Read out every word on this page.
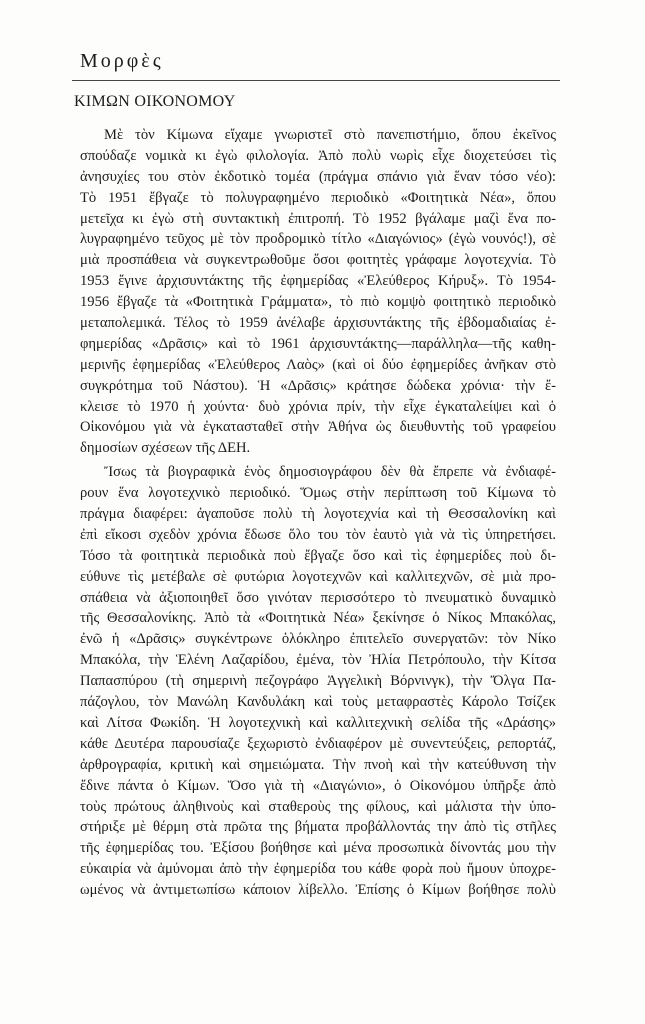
Μορφὲς
ΚΙΜΩΝ ΟΙΚΟΝΟΜΟΥ
Μὲ τὸν Κίμωνα εἴχαμε γνωριστεῖ στὸ πανεπιστήμιο, ὅπου ἐκεῖνος
σπούδαζε νομικὰ κι ἐγὼ φιλολογία. Ἀπὸ πολὺ νωρὶς εἶχε διοχετεύσει τὶς
ἀνησυχίες του στὸν ἐκδοτικὸ τομέα (πράγμα σπάνιο γιὰ ἕναν τόσο νέο):
Τὸ 1951 ἔβγαζε τὸ πολυγραφημένο περιοδικὸ «Φοιτητικὰ Νέα», ὅπου
μετεῖχα κι ἐγὼ στὴ συντακτικὴ ἐπιτροπή. Τὸ 1952 βγάλαμε μαζὶ ἕνα πο-
λυγραφημένο τεῦχος μὲ τὸν προδρομικὸ τίτλο «Διαγώνιος» (ἐγὼ νουνός!), σὲ
μιὰ προσπάθεια νὰ συγκεντρωθοῦμε ὅσοι φοιτητὲς γράφαμε λογοτεχνία. Τὸ
1953 ἔγινε ἀρχισυντάκτης τῆς ἐφημερίδας «Ἐλεύθερος Κήρυξ». Τὸ 1954-
1956 ἔβγαζε τὰ «Φοιτητικὰ Γράμματα», τὸ πιὸ κομψὸ φοιτητικὸ περιοδικὸ
μεταπολεμικά. Τέλος τὸ 1959 ἀνέλαβε ἀρχισυντάκτης τῆς ἑβδομαδιαίας ἐ-
φημερίδας «Δρᾶσις» καὶ τὸ 1961 ἀρχισυντάκτης—παράλληλα—τῆς καθη-
μερινῆς ἐφημερίδας «Ἐλεύθερος Λαὸς» (καὶ οἱ δύο ἐφημερίδες ἀνῆκαν στὸ
συγκρότημα τοῦ Νάστου). Ἡ «Δρᾶσις» κράτησε δώδεκα χρόνια· τὴν ἔ-
κλεισε τὸ 1970 ἡ χούντα· δυὸ χρόνια πρίν, τὴν εἶχε ἐγκαταλείψει καὶ ὁ
Οἰκονόμου γιὰ νὰ ἐγκατασταθεῖ στὴν Ἀθήνα ὡς διευθυντὴς τοῦ γραφείου
δημοσίων σχέσεων τῆς ΔΕΗ.
Ἴσως τὰ βιογραφικὰ ἑνὸς δημοσιογράφου δὲν θὰ ἔπρεπε νὰ ἐνδιαφέ-
ρουν ἕνα λογοτεχνικὸ περιοδικό. Ὅμως στὴν περίπτωση τοῦ Κίμωνα τὸ
πράγμα διαφέρει: ἀγαποῦσε πολὺ τὴ λογοτεχνία καὶ τὴ Θεσσαλονίκη καὶ
ἐπὶ εἴκοσι σχεδὸν χρόνια ἔδωσε ὅλο του τὸν ἑαυτὸ γιὰ νὰ τὶς ὑπηρετήσει.
Τόσο τὰ φοιτητικὰ περιοδικὰ ποὺ ἔβγαζε ὅσο καὶ τὶς ἐφημερίδες ποὺ δι-
εύθυνε τὶς μετέβαλε σὲ φυτώρια λογοτεχνῶν καὶ καλλιτεχνῶν, σὲ μιὰ προ-
σπάθεια νὰ ἀξιοποιηθεῖ ὅσο γινόταν περισσότερο τὸ πνευματικὸ δυναμικὸ
τῆς Θεσσαλονίκης. Ἀπὸ τὰ «Φοιτητικὰ Νέα» ξεκίνησε ὁ Νίκος Μπακόλας,
ἐνῶ ἡ «Δρᾶσις» συγκέντρωνε ὁλόκληρο ἐπιτελεῖο συνεργατῶν: τὸν Νίκο
Μπακόλα, τὴν Ἑλένη Λαζαρίδου, ἐμένα, τὸν Ἠλία Πετρόπουλο, τὴν Κίτσα
Παπασπύρου (τὴ σημερινὴ πεζογράφο Ἀγγελικὴ Βόρνινγκ), τὴν Ὄλγα Πα-
πάζογλου, τὸν Μανώλη Κανδυλάκη καὶ τοὺς μεταφραστὲς Κάρολο Τσίζεκ
καὶ Λίτσα Φωκίδη. Ἡ λογοτεχνικὴ καὶ καλλιτεχνικὴ σελίδα τῆς «Δράσης»
κάθε Δευτέρα παρουσίαζε ξεχωριστὸ ἐνδιαφέρον μὲ συνεντεύξεις, ρεπορτάζ,
ἀρθρογραφία, κριτικὴ καὶ σημειώματα. Τὴν πνοὴ καὶ τὴν κατεύθυνση τὴν
ἔδινε πάντα ὁ Κίμων. Ὅσο γιὰ τὴ «Διαγώνιο», ὁ Οἰκονόμου ὑπῆρξε ἀπὸ
τοὺς πρώτους ἀληθινοὺς καὶ σταθεροὺς της φίλους, καὶ μάλιστα τὴν ὑπο-
στήριξε μὲ θέρμη στὰ πρῶτα της βήματα προβάλλοντάς την ἀπὸ τὶς στῆλες
τῆς ἐφημερίδας του. Ἐξίσου βοήθησε καὶ μένα προσωπικὰ δίνοντάς μου τὴν
εὐκαιρία νὰ ἀμύνομαι ἀπὸ τὴν ἐφημερίδα του κάθε φορὰ ποὺ ἤμουν ὑποχρε-
ωμένος νὰ ἀντιμετωπίσω κάποιον λίβελλο. Ἐπίσης ὁ Κίμων βοήθησε πολὺ
